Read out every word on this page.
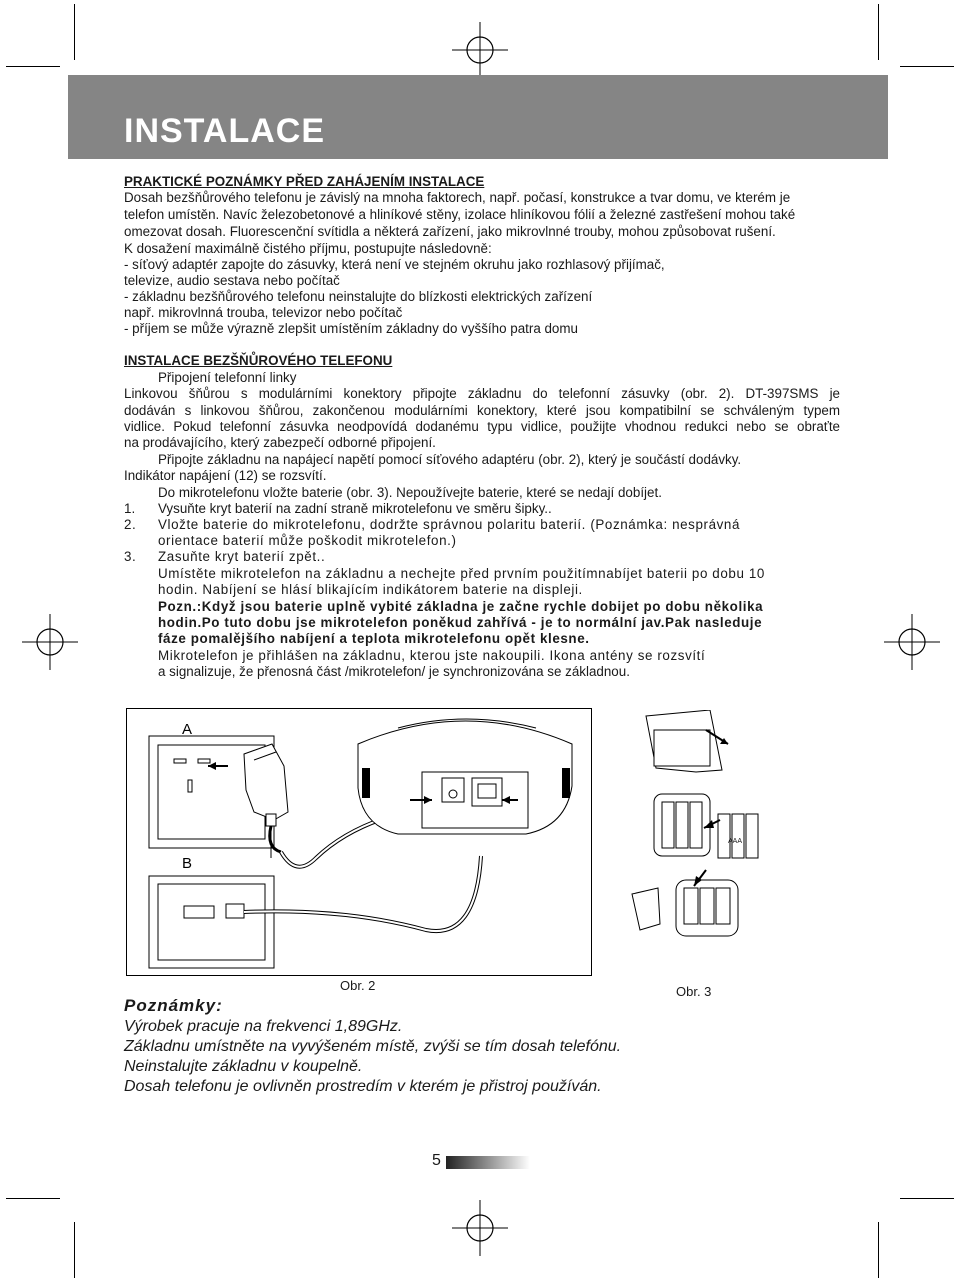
INSTALACE
PRAKTICKÉ POZNÁMKY PŘED ZAHÁJENÍM INSTALACE
Dosah bezšňůrového telefonu je závislý na mnoha faktorech, např. počasí, konstrukce a tvar domu, ve kterém je
telefon umístěn. Navíc železobetonové a hliníkové stěny, izolace hliníkovou fólií a železné zastřešení mohou také
omezovat dosah. Fluorescenční svítidla a některá zařízení, jako mikrovlnné trouby, mohou způsobovat rušení.
K dosažení maximálně čistého příjmu, postupujte následovně:
- síťový adaptér zapojte do zásuvky, která není ve stejném okruhu jako rozhlasový přijímač,
televize, audio sestava nebo počítač
- základnu bezšňůrového telefonu neinstalujte do blízkosti elektrických zařízení
např. mikrovlnná trouba, televizor nebo počítač
- příjem se může výrazně zlepšit umístěním základny do vyššího patra domu
INSTALACE BEZŠŇŮROVÉHO TELEFONU
Připojení telefonní linky
Linkovou šňůrou s modulárními konektory připojte základnu do telefonní zásuvky (obr. 2). DT-397SMS je
dodáván s linkovou šňůrou, zakončenou modulárními konektory, které jsou kompatibilní se schváleným typem
vidlice. Pokud telefonní zásuvka neodpovídá dodanému typu vidlice, použijte vhodnou redukci nebo se obraťte
na prodávajícího, který zabezpečí odborné připojení.
Připojte základnu na napájecí napětí pomocí síťového adaptéru (obr. 2), který je součástí dodávky.
Indikátor napájení (12) se rozsvítí.
Do mikrotelefonu vložte baterie (obr. 3). Nepoužívejte baterie, které se nedají dobíjet.
1. Vysuňte kryt baterií na zadní straně mikrotelefonu ve směru šipky..
2. Vložte baterie do mikrotelefonu, dodržte správnou polaritu baterií. (Poznámka: nesprávná
orientace baterií může poškodit mikrotelefon.)
3. Zasuňte kryt baterií zpět..
Umístěte mikrotelefon na základnu a nechejte před prvním použitímnabíjet baterii po dobu 10
hodin. Nabíjení se hlásí blikajícím indikátorem baterie na displeji.
Pozn.:Když jsou baterie uplně vybité základna je začne rychle dobijet po dobu několika
hodin.Po tuto dobu jse mikrotelefon poněkud zahřívá - je to normální jav.Pak nasleduje
fáze pomalějšího nabíjení a teplota mikrotelefonu opět klesne.
Mikrotelefon je přihlášen na základnu, kterou jste nakoupili. Ikona antény se rozsvítí
a signalizuje, že přenosná část /mikrotelefon/ je synchronizována se základnou.
A
B
AAA
Obr. 2	Obr. 3
Poznámky:
Výrobek pracuje na frekvenci 1,89GHz.
Základnu umístněte na vyvýšeném místě, zvýši se tím dosah telefónu.
Neinstalujte základnu v koupelně.
Dosah telefonu je ovlivněn prostredím v kterém je přistroj používán.
5
